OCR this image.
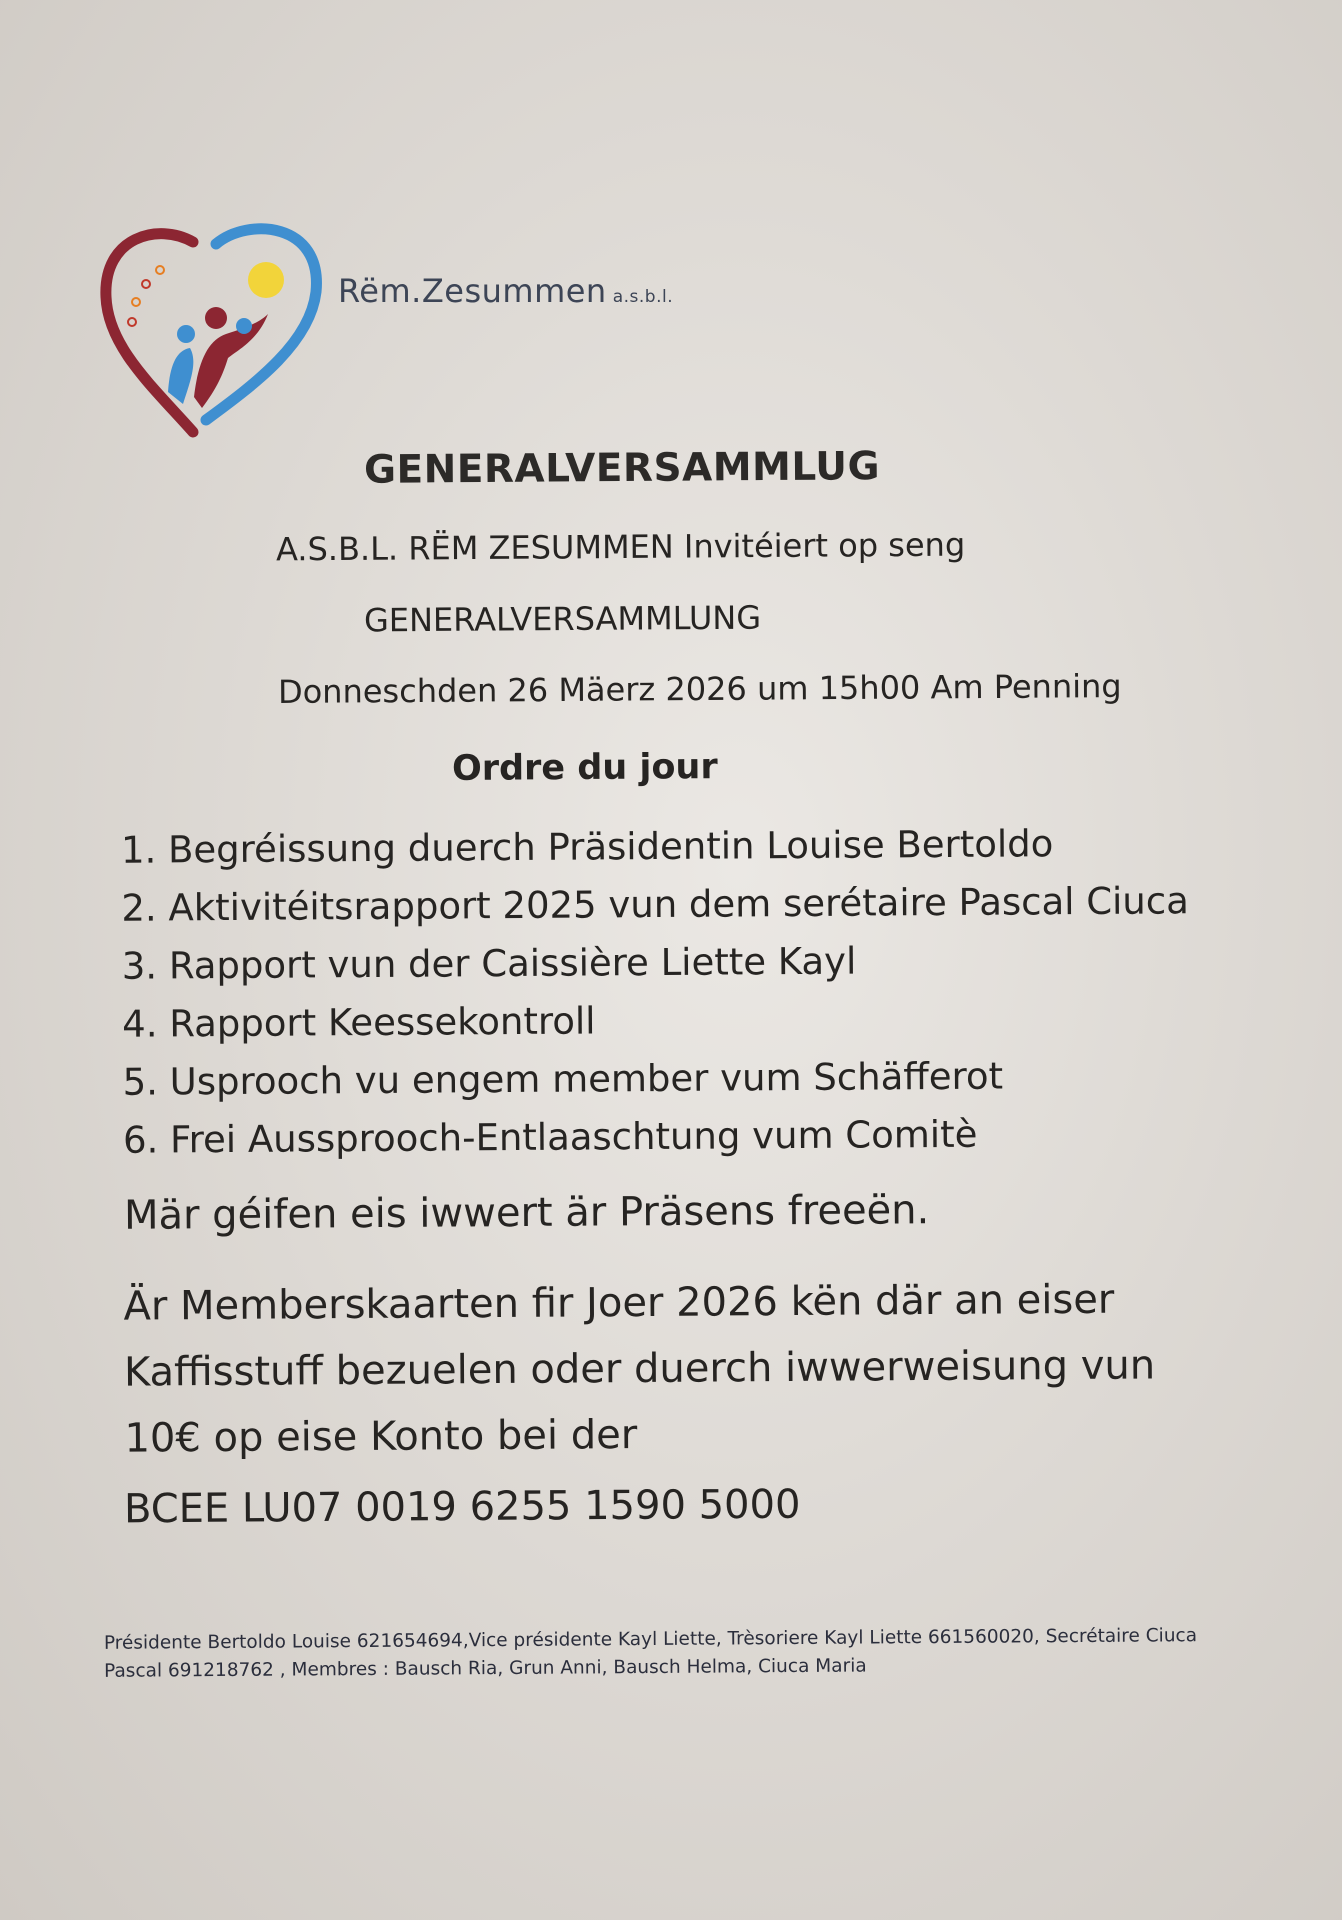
Rëm.Zesummen a.s.b.l.
GENERALVERSAMMLUG
A.S.B.L. RËM ZESUMMEN Invitéiert op seng
GENERALVERSAMMLUNG
Donneschden 26 Mäerz 2026 um 15h00 Am Penning
Ordre du jour
1. Begréissung duerch Präsidentin Louise Bertoldo
2. Aktivitéitsrapport 2025 vun dem serétaire Pascal Ciuca
3. Rapport vun der Caissière Liette Kayl
4. Rapport Keessekontroll
5. Usprooch vu engem member vum Schäfferot
6. Frei Aussprooch-Entlaaschtung vum Comitè
Mär géifen eis iwwert är Präsens freeën.
Är Memberskaarten fir Joer 2026 kën där an eiser
Kaffisstuff bezuelen oder duerch iwwerweisung vun
10€ op eise Konto bei der
BCEE LU07 0019 6255 1590 5000
Présidente Bertoldo Louise 621654694,Vice présidente Kayl Liette, Trèsoriere Kayl Liette 661560020, Secrétaire Ciuca
Pascal 691218762 , Membres : Bausch Ria, Grun Anni, Bausch Helma, Ciuca Maria
